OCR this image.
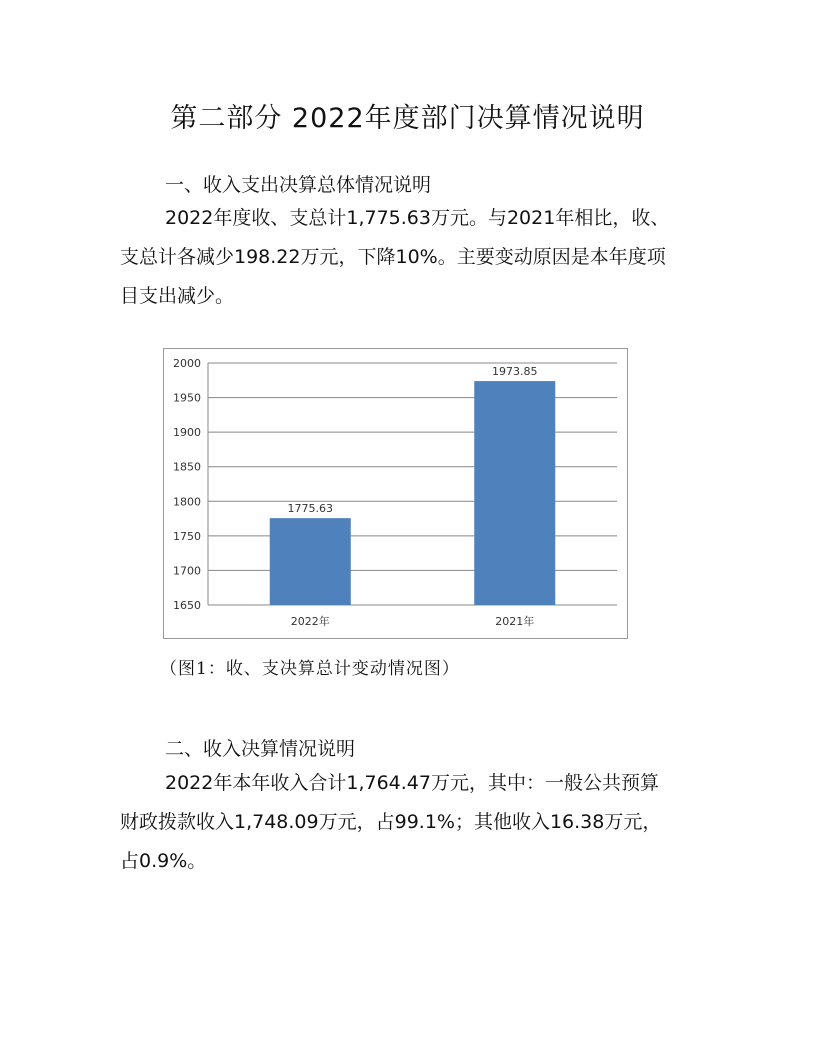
第二部分 2022年度部门决算情况说明
一、收入支出决算总体情况说明
2022年度收、支总计1,775.63万元。与2021年相比，收、
支总计各减少198.22万元，下降10%。主要变动原因是本年度项
目支出减少。
1650
1700
1750
1800
1850
1900
1950
2000
1775.63
2022年
1973.85
2021年
（图1：收、支决算总计变动情况图）
二、收入决算情况说明
2022年本年收入合计1,764.47万元，其中：一般公共预算
财政拨款收入1,748.09万元，占99.1%；其他收入16.38万元，
占0.9%。
